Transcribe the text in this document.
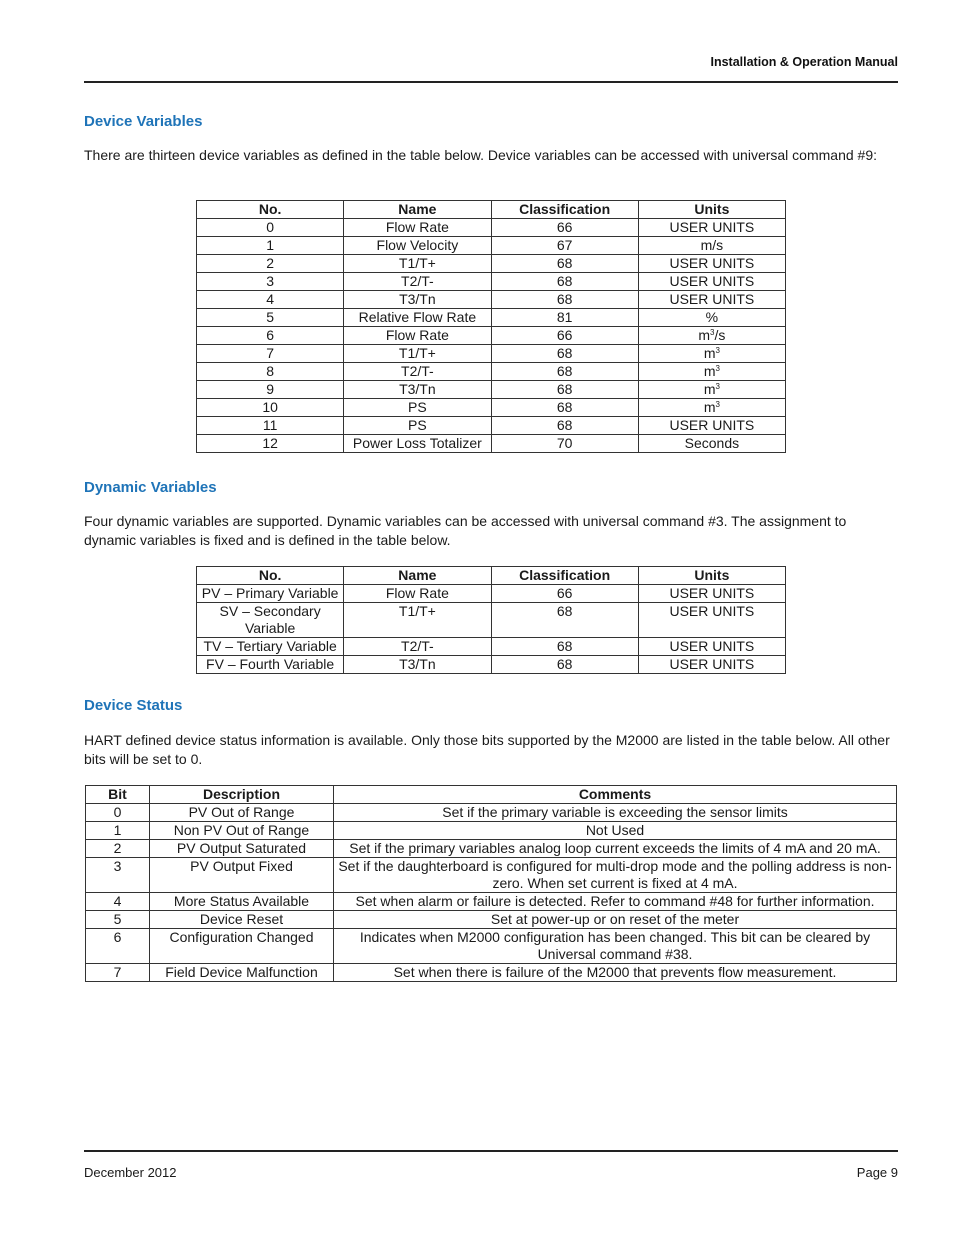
Installation & Operation Manual
Device Variables

There are thirteen device variables as defined in the table below. Device variables can be accessed with universal command #9:

No.	Name	Classification	Units
0	Flow Rate	66	USER UNITS
1	Flow Velocity	67	m/s
2	T1/T+	68	USER UNITS
3	T2/T-	68	USER UNITS
4	T3/Tn	68	USER UNITS
5	Relative Flow Rate	81	%
6	Flow Rate	66	$m^3/s$
7	T1/T+	68	$m^3$
8	T2/T-	68	$m^3$
9	T3/Tn	68	$m^3$
10	PS	68	$m^3$
11	PS	68	USER UNITS
12	Power Loss Totalizer	70	Seconds
Dynamic Variables

Four dynamic variables are supported. Dynamic variables can be accessed with universal command #3. The assignment to dynamic variables is fixed and is defined in the table below.

No.	Name	Classification	Units
PV – Primary Variable	Flow Rate	66	USER UNITS
SV – Secondary Variable	T1/T+	68	USER UNITS
TV – Tertiary Variable	T2/T-	68	USER UNITS
FV – Fourth Variable	T3/Tn	68	USER UNITS
Device Status

HART defined device status information is available. Only those bits supported by the M2000 are listed in the table below. All other bits will be set to 0.

Bit	Description	Comments
0	PV Out of Range	Set if the primary variable is exceeding the sensor limits
1	Non PV Out of Range	Not Used
2	PV Output Saturated	Set if the primary variables analog loop current exceeds the limits of 4 mA and 20 mA.
3	PV Output Fixed	Set if the daughterboard is configured for multi-drop mode and the polling address is non-zero. When set current is fixed at 4 mA.
4	More Status Available	Set when alarm or failure is detected. Refer to command #48 for further information.
5	Device Reset	Set at power-up or on reset of the meter
6	Configuration Changed	Indicates when M2000 configuration has been changed. This bit can be cleared by Universal command #38.
7	Field Device Malfunction	Set when there is failure of the M2000 that prevents flow measurement.
December 2012	Page 9
